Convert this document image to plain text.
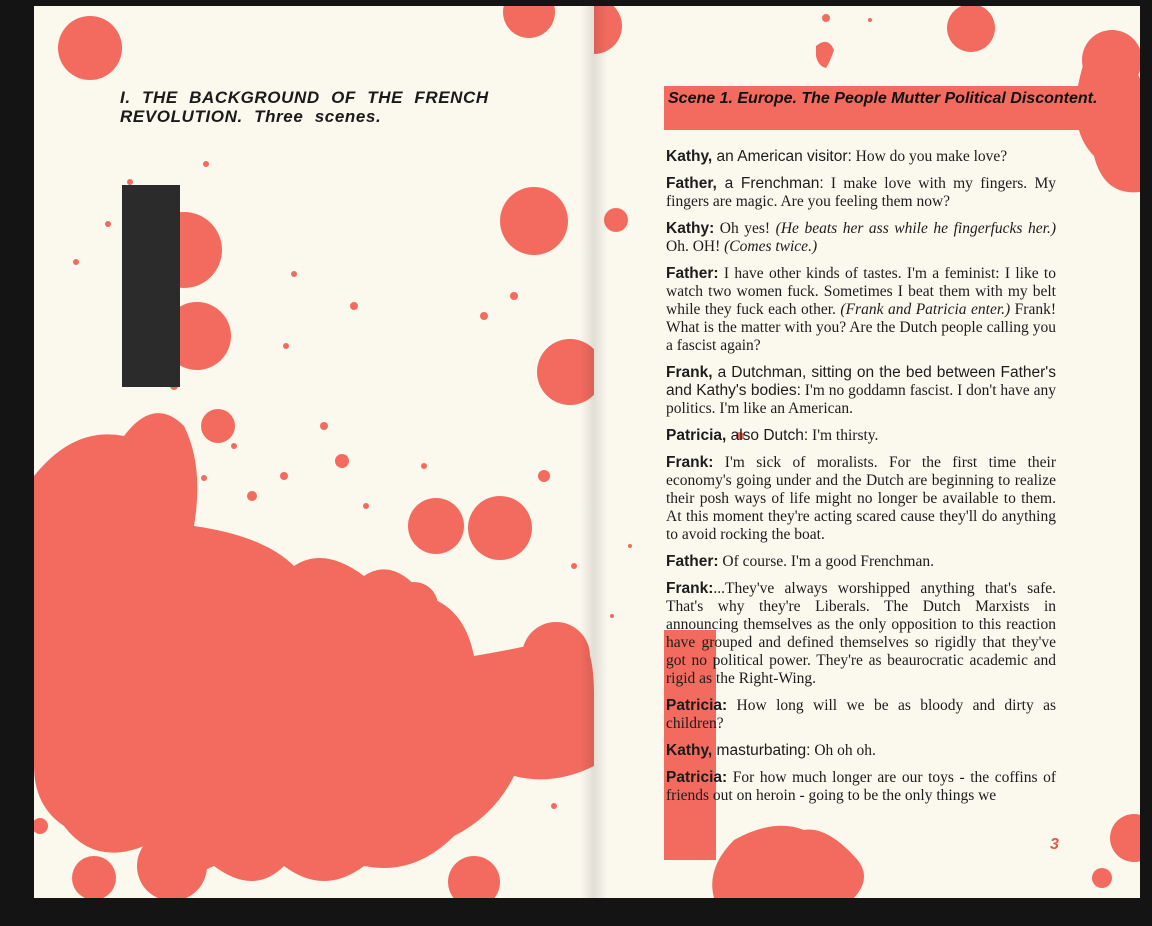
I. THE BACKGROUND OF THE FRENCH REVOLUTION. Three scenes.
Scene 1. Europe. The People Mutter Political Discontent.

Kathy, an American visitor: How do you make love?

Father, a Frenchman: I make love with my fingers. My fingers are magic. Are you feeling them now?

Kathy: Oh yes! (He beats her ass while he fingerfucks her.) Oh. OH! (Comes twice.)

Father: I have other kinds of tastes. I'm a feminist: I like to watch two women fuck. Sometimes I beat them with my belt while they fuck each other. (Frank and Patricia enter.) Frank! What is the matter with you? Are the Dutch people calling you a fascist again?

Frank, a Dutchman, sitting on the bed between Father's and Kathy's bodies: I'm no goddamn fascist. I don't have any politics. I'm like an American.

Patricia, also Dutch: I'm thirsty.

Frank: I'm sick of moralists. For the first time their economy's going under and the Dutch are beginning to realize their posh ways of life might no longer be available to them. At this moment they're acting scared cause they'll do anything to avoid rocking the boat.

Father: Of course. I'm a good Frenchman.

Frank:...They've always worshipped anything that's safe. That's why they're Liberals. The Dutch Marxists in announcing themselves as the only opposition to this reaction have grouped and defined themselves so rigidly that they've got no political power. They're as beaurocratic academic and rigid as the Right-Wing.

Patricia: How long will we be as bloody and dirty as children?

Kathy, masturbating: Oh oh oh.

Patricia: For how much longer are our toys - the coffins of friends out on heroin - going to be the only things we

3
